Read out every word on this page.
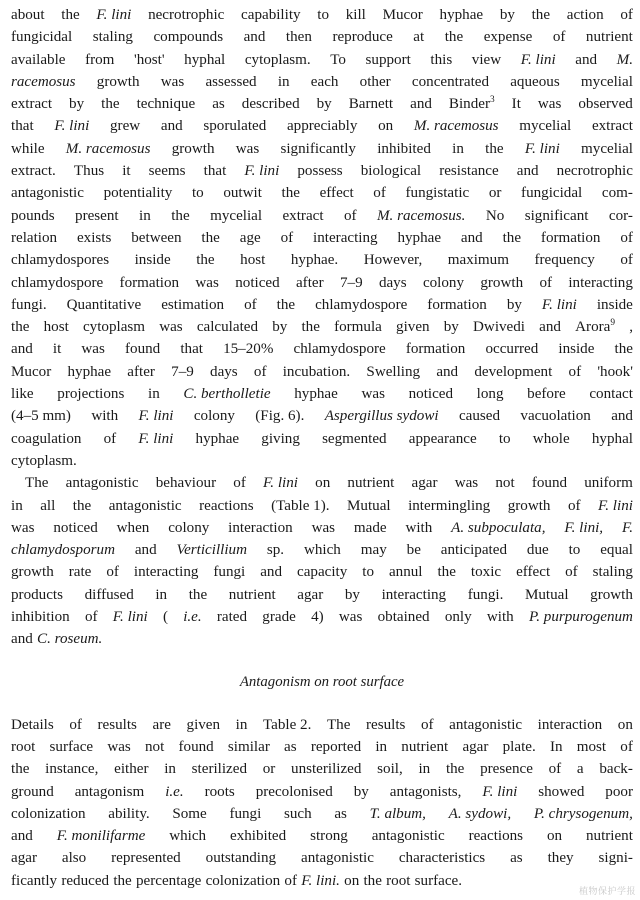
about the F. lini necrotrophic capability to kill Mucor hyphae by the action of
fungicidal staling compounds and then reproduce at the expense of nutrient
available from 'host' hyphal cytoplasm. To support this view F. lini and M.
racemosus growth was assessed in each other concentrated aqueous mycelial
extract by the technique as described by Barnett and Binder$^3$ It was observed
that F. lini grew and sporulated appreciably on M. racemosus mycelial extract
while M. racemosus growth was significantly inhibited in the F. lini mycelial
extract. Thus it seems that F. lini possess biological resistance and necrotrophic
antagonistic potentiality to outwit the effect of fungistatic or fungicidal com-
pounds present in the mycelial extract of M. racemosus. No significant cor-
relation exists between the age of interacting hyphae and the formation of
chlamydospores inside the host hyphae. However, maximum frequency of
chlamydospore formation was noticed after 7–9 days colony growth of interacting
fungi. Quantitative estimation of the chlamydospore formation by F. lini inside
the host cytoplasm was calculated by the formula given by Dwivedi and Arora$^9$ ,
and it was found that 15–20% chlamydospore formation occurred inside the
Mucor hyphae after 7–9 days of incubation. Swelling and development of 'hook'
like projections in C. bertholletie hyphae was noticed long before contact
(4–5 mm) with F. lini colony (Fig. 6). Aspergillus sydowi caused vacuolation and
coagulation of F. lini hyphae giving segmented appearance to whole hyphal
cytoplasm.
The antagonistic behaviour of F. lini on nutrient agar was not found uniform
in all the antagonistic reactions (Table 1). Mutual intermingling growth of F. lini
was noticed when colony interaction was made with A. subpoculata, F. lini, F.
chlamydosporum and Verticillium sp. which may be anticipated due to equal
growth rate of interacting fungi and capacity to annul the toxic effect of staling
products diffused in the nutrient agar by interacting fungi. Mutual growth
inhibition of F. lini ( i.e. rated grade 4) was obtained only with P. purpurogenum
and C. roseum.
Antagonism on root surface
Details of results are given in Table 2. The results of antagonistic interaction on
root surface was not found similar as reported in nutrient agar plate. In most of
the instance, either in sterilized or unsterilized soil, in the presence of a back-
ground antagonism i.e. roots precolonised by antagonists, F. lini showed poor
colonization ability. Some fungi such as T. album, A. sydowi, P. chrysogenum,
and F. monilifarme which exhibited strong antagonistic reactions on nutrient
agar also represented outstanding antagonistic characteristics as they signi-
ficantly reduced the percentage colonization of F. lini. on the root surface.
植物保护学报
